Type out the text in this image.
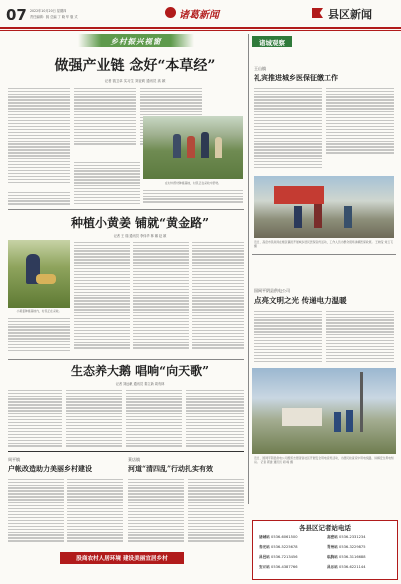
07 2022年10月20日 星期四
责任编辑：姚 总编 丁 晓 华 版 式	诸葛新闻	县区新闻
乡村振兴视窗
做强产业链 念好“本草经”
记者 钱卫卓 实习生 刘亚莉 通讯员 高 颖
在村中药材种植基地，村民正在采收中药材。
种植小黄姜 铺就“黄金路”
记者 王 瑞 通讯员 李伟华 林 娜 赵 颖
小黄姜种植基地内，村民正在采收。
生态养大鹅 唱响“向天歌”
记者 刘远帆 通讯员 秦立新 周有林
诸城观察
王山镇
礼宾推进城乡医保征缴工作
近日，高密市民政局在辖区镇街开展城乡居民医保宣传活动，工作人员为群众现场讲解医保政策。 王晓莹 刘云飞 摄
国网平阴县供电公司
点亮文明之光 传递电力温暖
近日，国网平阴县供电公司组织志愿者到社区开展安全用电宣传活动，为居民检查家中用电线路，讲解安全用电知识。 记者 郭建 通讯员 胡 峰 摄
周平镇
户帐改造助力美丽乡村建设
莱店镇
河道“清四乱”行动扎实有效
股商农村人居环境 建设美丽宜居乡村
各县区记者站电话
诸城站 0536-6061500	高密站 0536-2331234
寿光站 0536-5225678	青州站 0536-3229875
昌邑站 0536-7213456	临朐站 0536-3116688
安丘站 0536-4387766	昌乐站 0536-6221144
